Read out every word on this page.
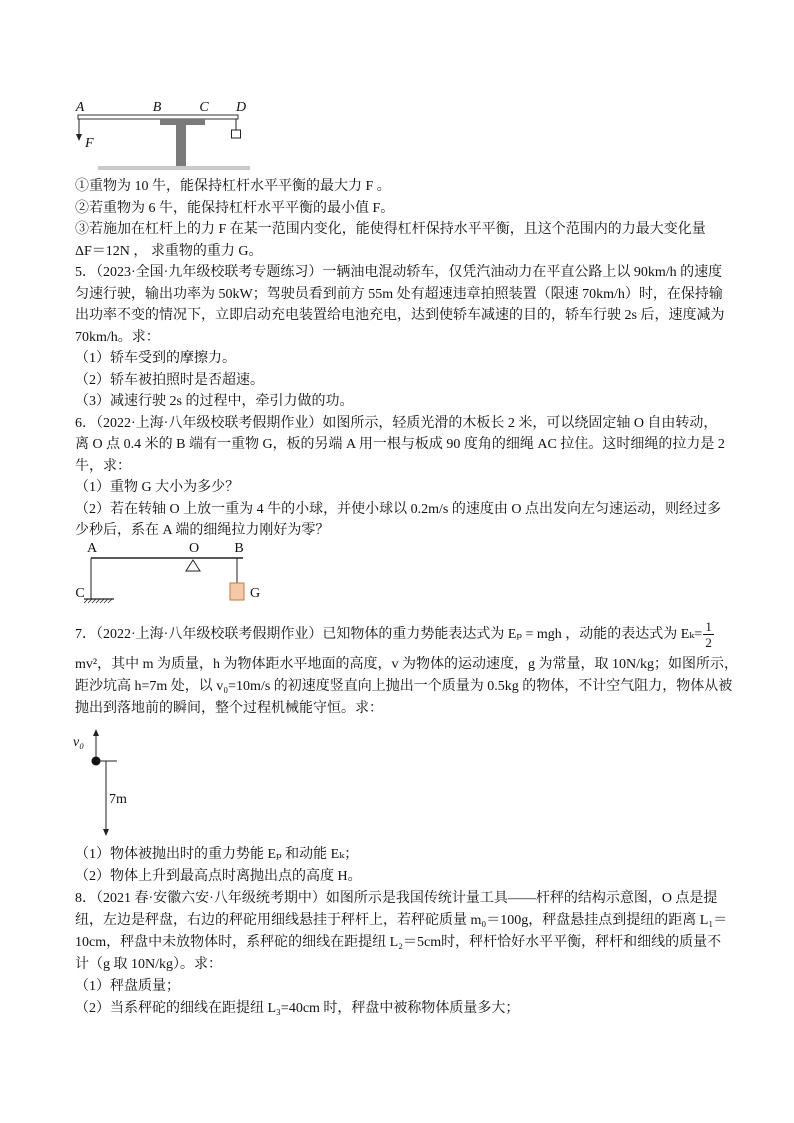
A	B	C D
F
①重物为 10 牛，能保持杠杆水平平衡的最大力 F 。
②若重物为 6 牛，能保持杠杆水平平衡的最小值 F。
③若施加在杠杆上的力 F 在某一范围内变化，能使得杠杆保持水平平衡，且这个范围内的力最大变化量
ΔF＝12N ， 求重物的重力 G。
5．（2023·全国·九年级校联考专题练习）一辆油电混动轿车，仅凭汽油动力在平直公路上以 90km/h 的速度
匀速行驶，输出功率为 50kW；驾驶员看到前方 55m 处有超速违章拍照装置（限速 70km/h）时，在保持输
出功率不变的情况下，立即启动充电装置给电池充电，达到使轿车减速的目的，轿车行驶 2s 后，速度减为
70km/h。求：
（1）轿车受到的摩擦力。
（2）轿车被拍照时是否超速。
（3）减速行驶 2s 的过程中，牵引力做的功。
6．（2022·上海·八年级校联考假期作业）如图所示，轻质光滑的木板长 2 米，可以绕固定轴 O 自由转动，
离 O 点 0.4 米的 B 端有一重物 G，板的另端 A 用一根与板成 90 度角的细绳 AC 拉住。这时细绳的拉力是 2
牛，求：
（1）重物 G 大小为多少？
（2）若在转轴 O 上放一重为 4 牛的小球，并使小球以 0.2m/s 的速度由 O 点出发向左匀速运动，则经过多
少秒后，系在 A 端的细绳拉力刚好为零？
A	O	B
C	G
7．（2022·上海·八年级校联考假期作业）已知物体的重力势能表达式为 Eₚ = mgh ，动能的表达式为 $E_k= \frac{1}{2}$
mv²，其中 m 为质量，h 为物体距水平地面的高度，v 为物体的运动速度，g 为常量，取 10N/kg；如图所示，
距沙坑高 h=7m 处，以 v₀=10m/s 的初速度竖直向上抛出一个质量为 0.5kg 的物体，不计空气阻力，物体从被
抛出到落地前的瞬间，整个过程机械能守恒。求：
v₀
7m
（1）物体被抛出时的重力势能 Eₚ 和动能 Eₖ；
（2）物体上升到最高点时离抛出点的高度 H。
8．（2021 春·安徽六安·八年级统考期中）如图所示是我国传统计量工具——杆秤的结构示意图，O 点是提
纽，左边是秤盘，右边的秤砣用细线悬挂于秤杆上，若秤砣质量 m₀＝100g，秤盘悬挂点到提纽的距离 L₁＝
10cm，秤盘中未放物体时，系秤砣的细线在距提纽 L₂＝5cm时，秤杆恰好水平平衡，秤杆和细线的质量不
计（g 取 10N/kg）。求：
（1）秤盘质量；
（2）当系秤砣的细线在距提纽 L₃=40cm 时，秤盘中被称物体质量多大；
